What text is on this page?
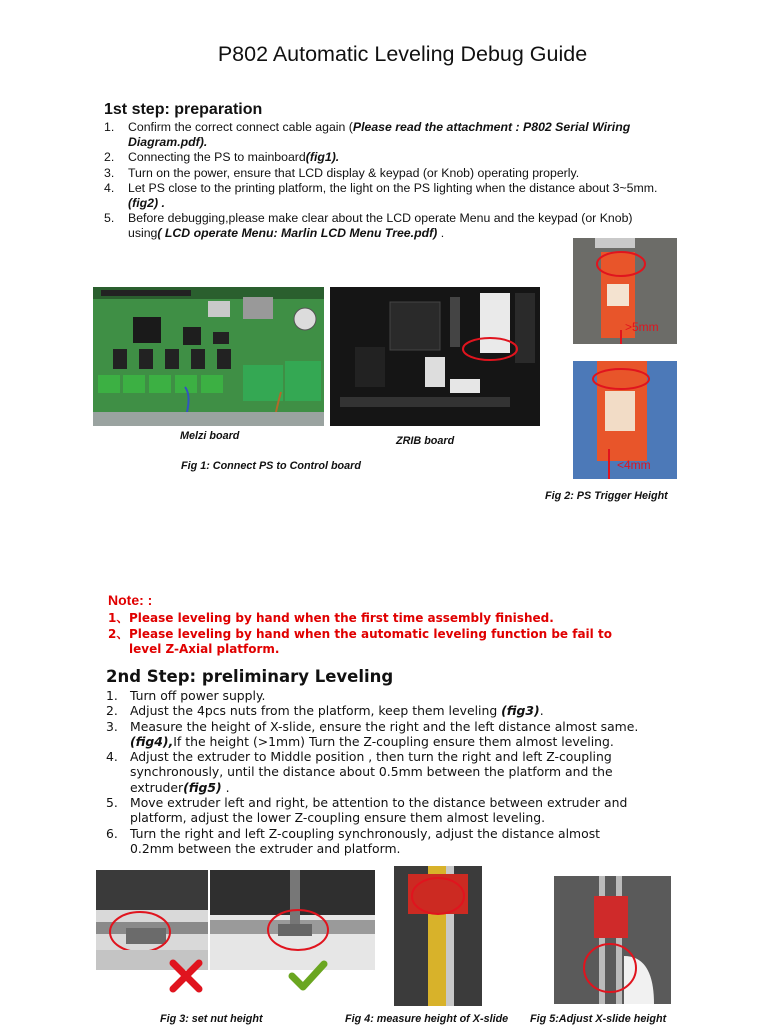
P802 Automatic Leveling Debug Guide
1st step: preparation
1. Confirm the correct connect cable again (Please read the attachment : P802 Serial Wiring Diagram.pdf).
2. Connecting the PS to mainboard(fig1).
3. Turn on the power, ensure that LCD display & keypad (or Knob) operating properly.
4. Let PS close to the printing platform, the light on the PS lighting when the distance about 3~5mm.(fig2) .
5. Before debugging,please make clear about the LCD operate Menu and the keypad (or Knob) using( LCD operate Menu: Marlin LCD Menu Tree.pdf) .
Melzi board	ZRIB board
Fig 1: Connect PS to Control board
>5mm
<4mm
Fig 2: PS Trigger Height
Note: :
1、 Please leveling by hand when the first time assembly finished.
2、 Please leveling by hand when the automatic leveling function be fail to level Z-Axial platform.
2nd Step: preliminary Leveling
1. Turn off power supply.
2. Adjust the 4pcs nuts from the platform, keep them leveling (fig3).
3. Measure the height of X-slide, ensure the right and the left distance almost same. (fig4),If the height (>1mm) Turn the Z-coupling ensure them almost leveling.
4. Adjust the extruder to Middle position , then turn the right and left Z-coupling synchronously, until the distance about 0.5mm between the platform and the extruder(fig5) .
5. Move extruder left and right, be attention to the distance between extruder and platform, adjust the lower Z-coupling ensure them almost leveling.
6. Turn the right and left Z-coupling synchronously, adjust the distance almost 0.2mm between the extruder and platform.
Fig 3: set nut height	Fig 4: measure height of X-slide Fig 5:Adjust X-slide height
